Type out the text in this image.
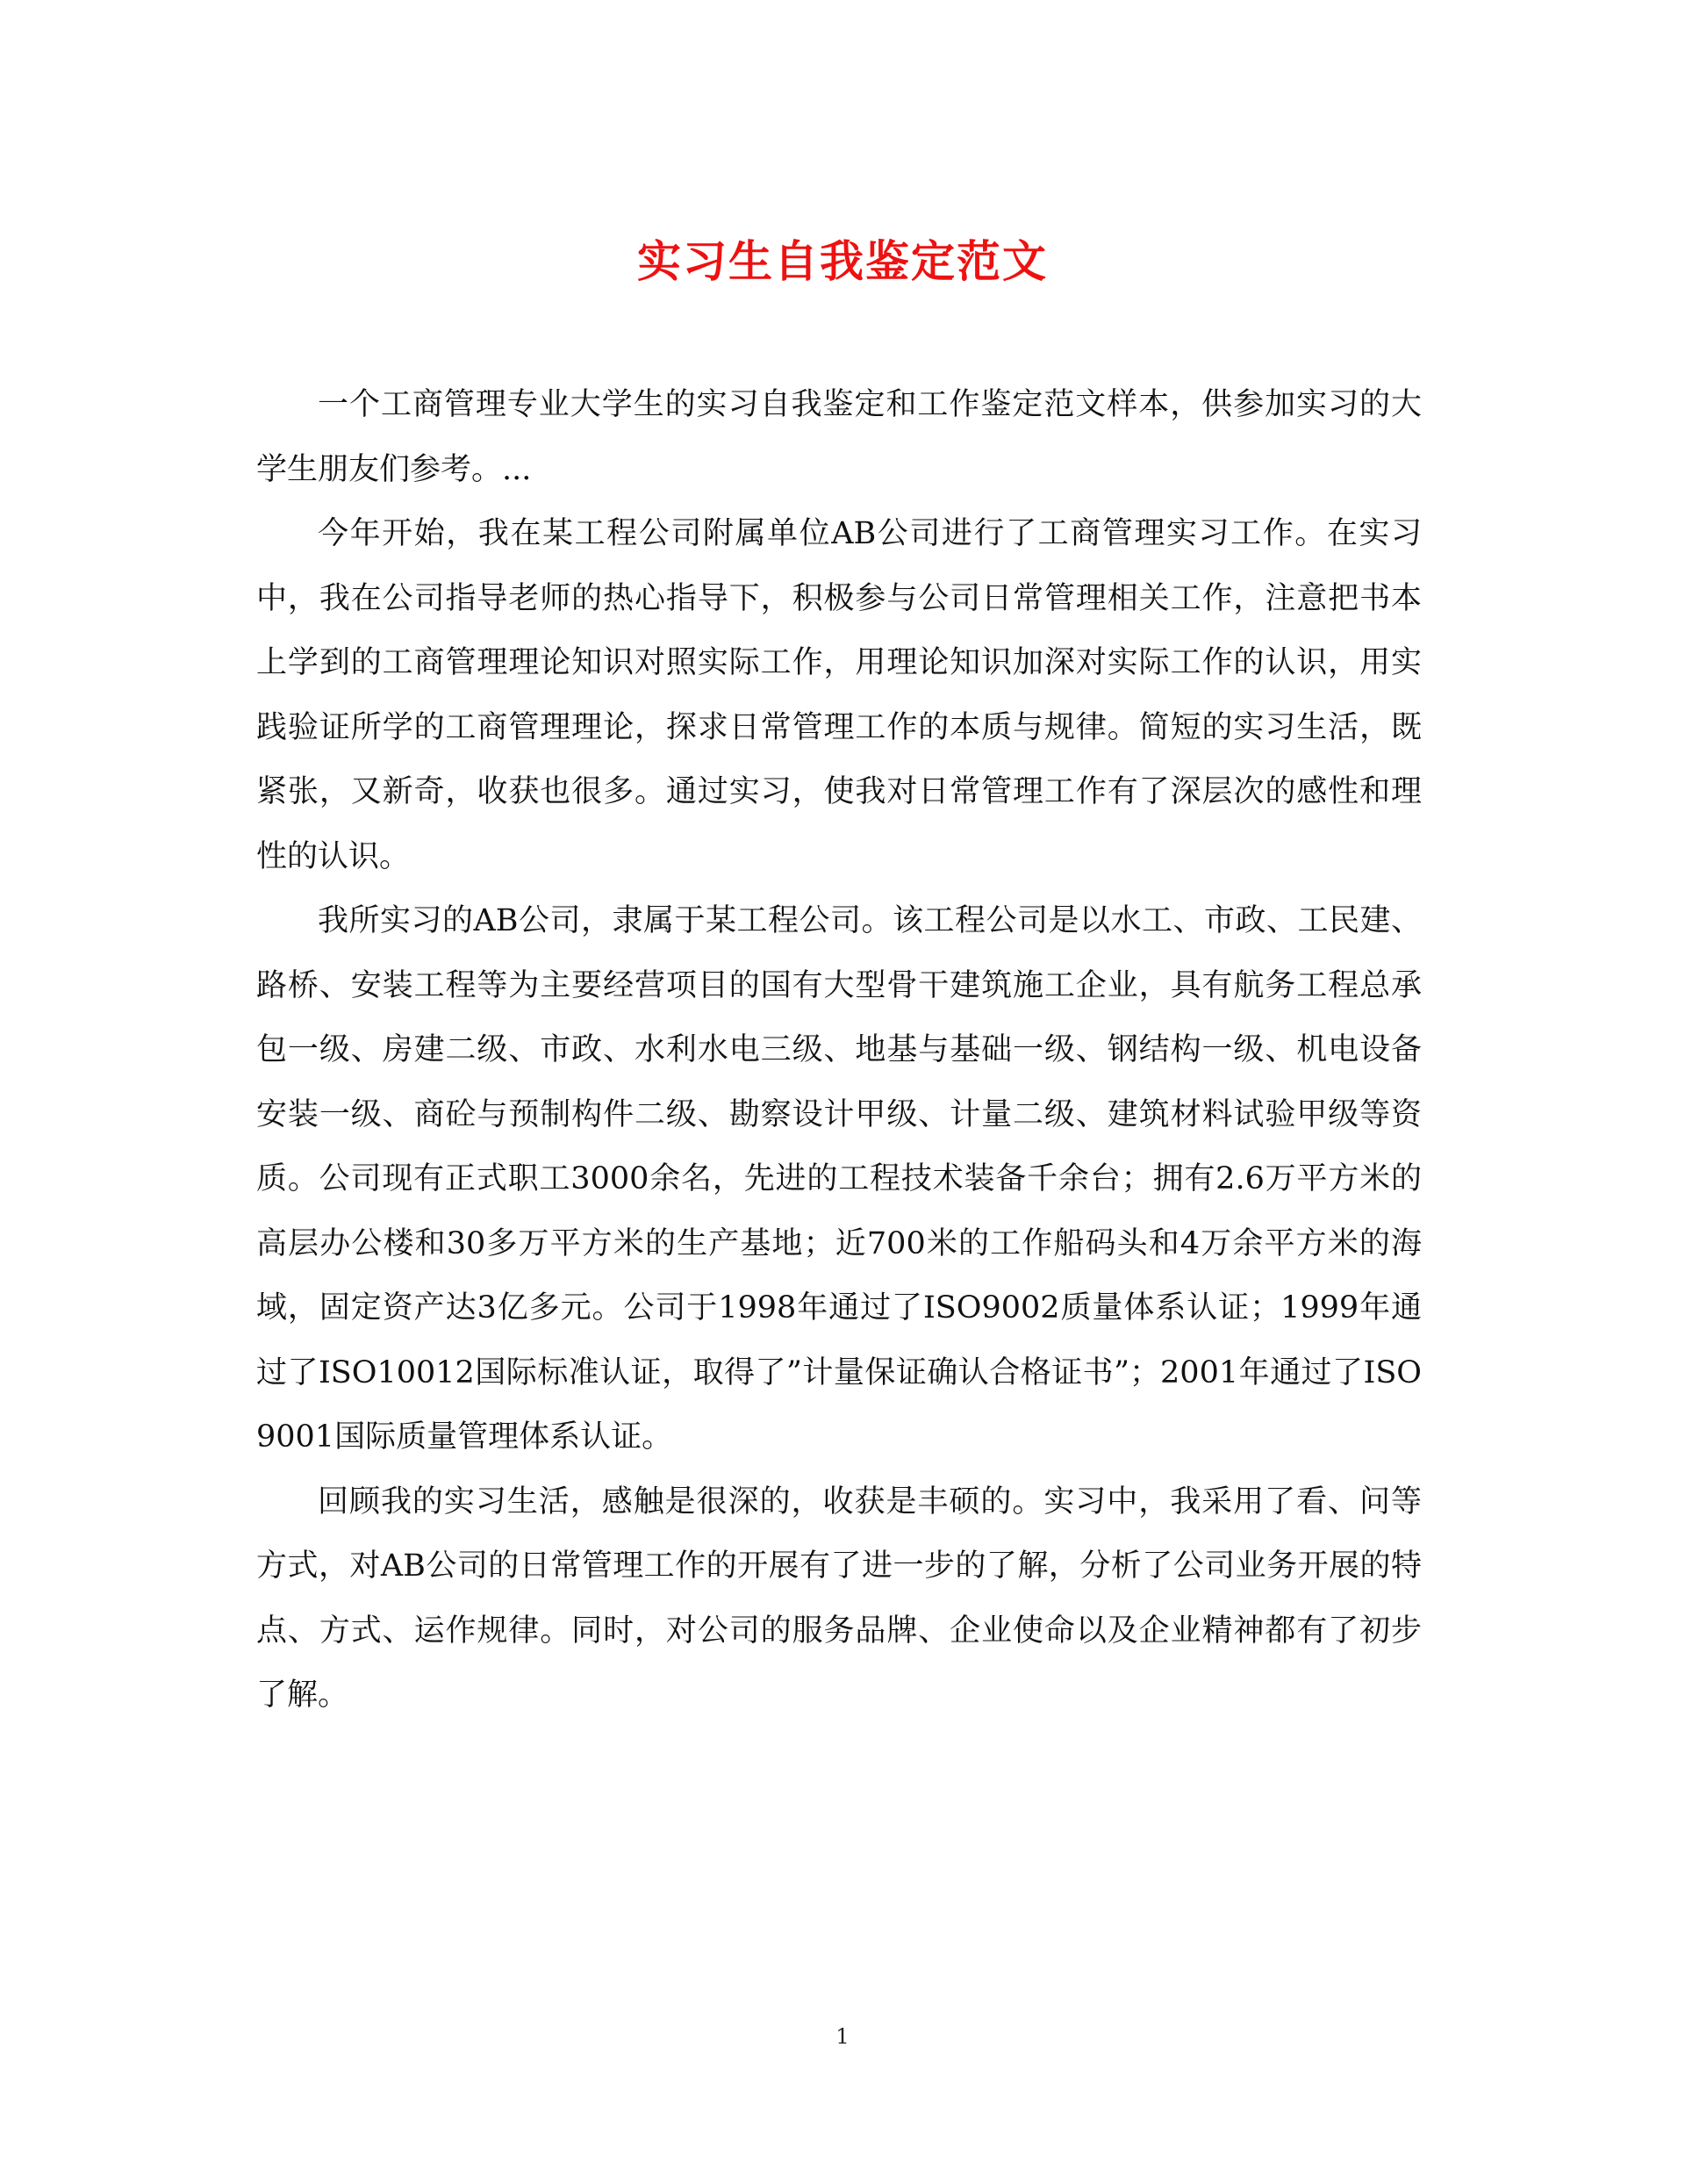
实习生自我鉴定范文

一个工商管理专业大学生的实习自我鉴定和工作鉴定范文样本，供参加实习的大学生朋友们参考。...

今年开始，我在某工程公司附属单位AB公司进行了工商管理实习工作。在实习中，我在公司指导老师的热心指导下，积极参与公司日常管理相关工作，注意把书本上学到的工商管理理论知识对照实际工作，用理论知识加深对实际工作的认识，用实践验证所学的工商管理理论，探求日常管理工作的本质与规律。简短的实习生活，既紧张，又新奇，收获也很多。通过实习，使我对日常管理工作有了深层次的感性和理性的认识。

我所实习的AB公司，隶属于某工程公司。该工程公司是以水工、市政、工民建、路桥、安装工程等为主要经营项目的国有大型骨干建筑施工企业，具有航务工程总承包一级、房建二级、市政、水利水电三级、地基与基础一级、钢结构一级、机电设备安装一级、商砼与预制构件二级、勘察设计甲级、计量二级、建筑材料试验甲级等资质。公司现有正式职工3000余名，先进的工程技术装备千余台；拥有2.6万平方米的高层办公楼和30多万平方米的生产基地；近700米的工作船码头和4万余平方米的海域，固定资产达3亿多元。公司于1998年通过了ISO9002质量体系认证；1999年通过了ISO10012国际标准认证，取得了”计量保证确认合格证书”；2001年通过了ISO9001国际质量管理体系认证。

回顾我的实习生活，感触是很深的，收获是丰硕的。实习中，我采用了看、问等方式，对AB公司的日常管理工作的开展有了进一步的了解，分析了公司业务开展的特点、方式、运作规律。同时，对公司的服务品牌、企业使命以及企业精神都有了初步了解。

1
